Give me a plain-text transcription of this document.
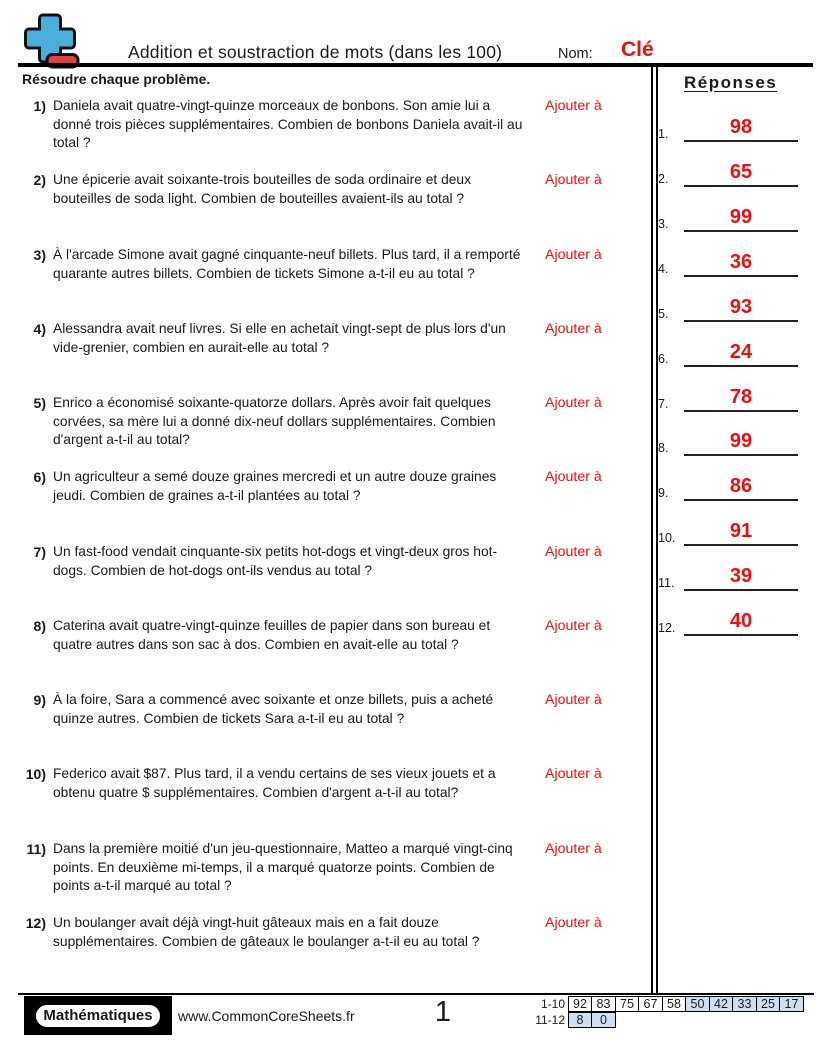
Addition et soustraction de mots (dans les 100)	Nom: Clé
Résoudre chaque problème.
1) Daniela avait quatre-vingt-quinze morceaux de bonbons. Son amie lui a donné trois pièces supplémentaires. Combien de bonbons Daniela avait-il au total ?
Ajouter à
2) Une épicerie avait soixante-trois bouteilles de soda ordinaire et deux bouteilles de soda light. Combien de bouteilles avaient-ils au total ?
Ajouter à
3) À l'arcade Simone avait gagné cinquante-neuf billets. Plus tard, il a remporté quarante autres billets. Combien de tickets Simone a-t-il eu au total ?
Ajouter à
4) Alessandra avait neuf livres. Si elle en achetait vingt-sept de plus lors d'un vide-grenier, combien en aurait-elle au total ?
Ajouter à
5) Enrico a économisé soixante-quatorze dollars. Après avoir fait quelques corvées, sa mère lui a donné dix-neuf dollars supplémentaires. Combien d'argent a-t-il au total?
Ajouter à
6) Un agriculteur a semé douze graines mercredi et un autre douze graines jeudi. Combien de graines a-t-il plantées au total ?
Ajouter à
7) Un fast-food vendait cinquante-six petits hot-dogs et vingt-deux gros hot-dogs. Combien de hot-dogs ont-ils vendus au total ?
Ajouter à
8) Caterina avait quatre-vingt-quinze feuilles de papier dans son bureau et quatre autres dans son sac à dos. Combien en avait-elle au total ?
Ajouter à
9) À la foire, Sara a commencé avec soixante et onze billets, puis a acheté quinze autres. Combien de tickets Sara a-t-il eu au total ?
Ajouter à
10) Federico avait $87. Plus tard, il a vendu certains de ses vieux jouets et a obtenu quatre $ supplémentaires. Combien d'argent a-t-il au total?
Ajouter à
11) Dans la première moitié d'un jeu-questionnaire, Matteo a marqué vingt-cinq points. En deuxième mi-temps, il a marqué quatorze points. Combien de points a-t-il marqué au total ?
Ajouter à
12) Un boulanger avait déjà vingt-huit gâteaux mais en a fait douze supplémentaires. Combien de gâteaux le boulanger a-t-il eu au total ?
Ajouter à
Réponses
1.	98
2.	65
3.	99
4.	36
5.	93
6.	24
7.	78
8.	99
9.	86
10.	91
11.	39
12.	40
Mathématiques	www.CommonCoreSheets.fr	1	1-10 92 83 75 67 58 50 42 33 25 17
11-12 8	0
